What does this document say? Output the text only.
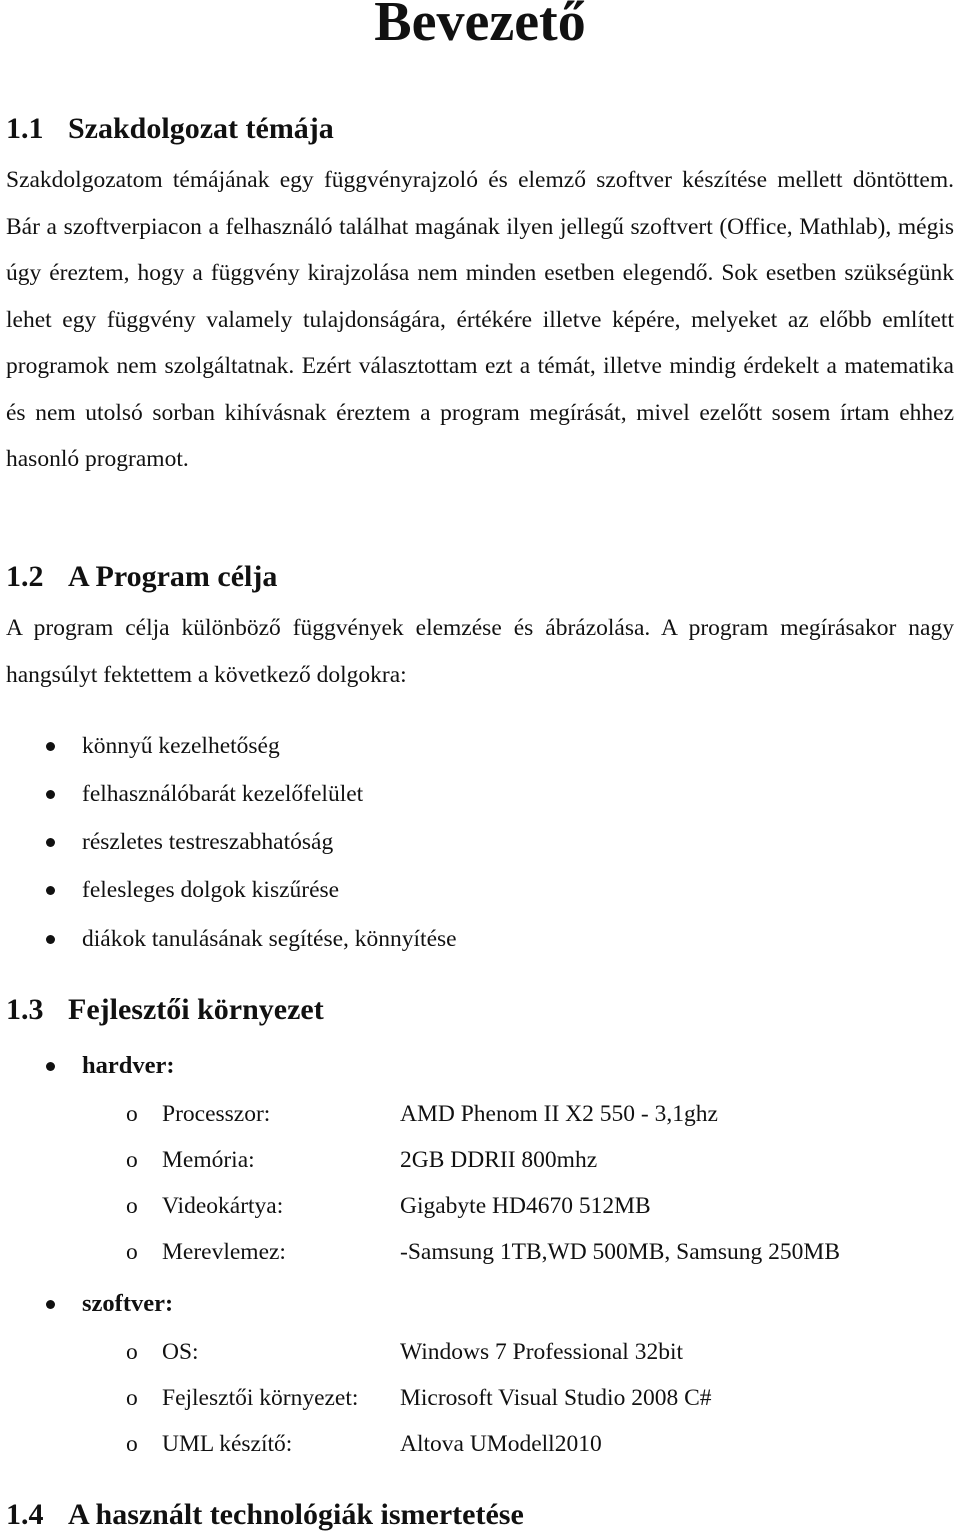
Bevezető
1.1 Szakdolgozat témája

Szakdolgozatom témájának egy függvényrajzoló és elemző szoftver készítése mellett döntöttem. Bár a szoftverpiacon a felhasználó találhat magának ilyen jellegű szoftvert (Office, Mathlab), mégis úgy éreztem, hogy a függvény kirajzolása nem minden esetben elegendő. Sok esetben szükségünk lehet egy függvény valamely tulajdonságára, értékére illetve képére, melyeket az előbb említett programok nem szolgáltatnak. Ezért választottam ezt a témát, illetve mindig érdekelt a matematika és nem utolsó sorban kihívásnak éreztem a program megírását, mivel ezelőtt sosem írtam ehhez hasonló programot.

1.2 A Program célja

A program célja különböző függvények elemzése és ábrázolása. A program megírásakor nagy hangsúlyt fektettem a következő dolgokra:

könnyű kezelhetőség
felhasználóbarát kezelőfelület
részletes testreszabhatóság
felesleges dolgok kiszűrése
diákok tanulásának segítése, könnyítése
1.3 Fejlesztői környezet
hardver:
o Processzor:	AMD Phenom II X2 550 - 3,1ghz
o Memória:	2GB DDRII 800mhz
o Videokártya:	Gigabyte HD4670 512MB
o Merevlemez:	-Samsung 1TB,WD 500MB, Samsung 250MB
szoftver:
o OS:	Windows 7 Professional 32bit
o Fejlesztői környezet: Microsoft Visual Studio 2008 C#
o UML készítő:	Altova UModell2010
1.4 A használt technológiák ismertetése
